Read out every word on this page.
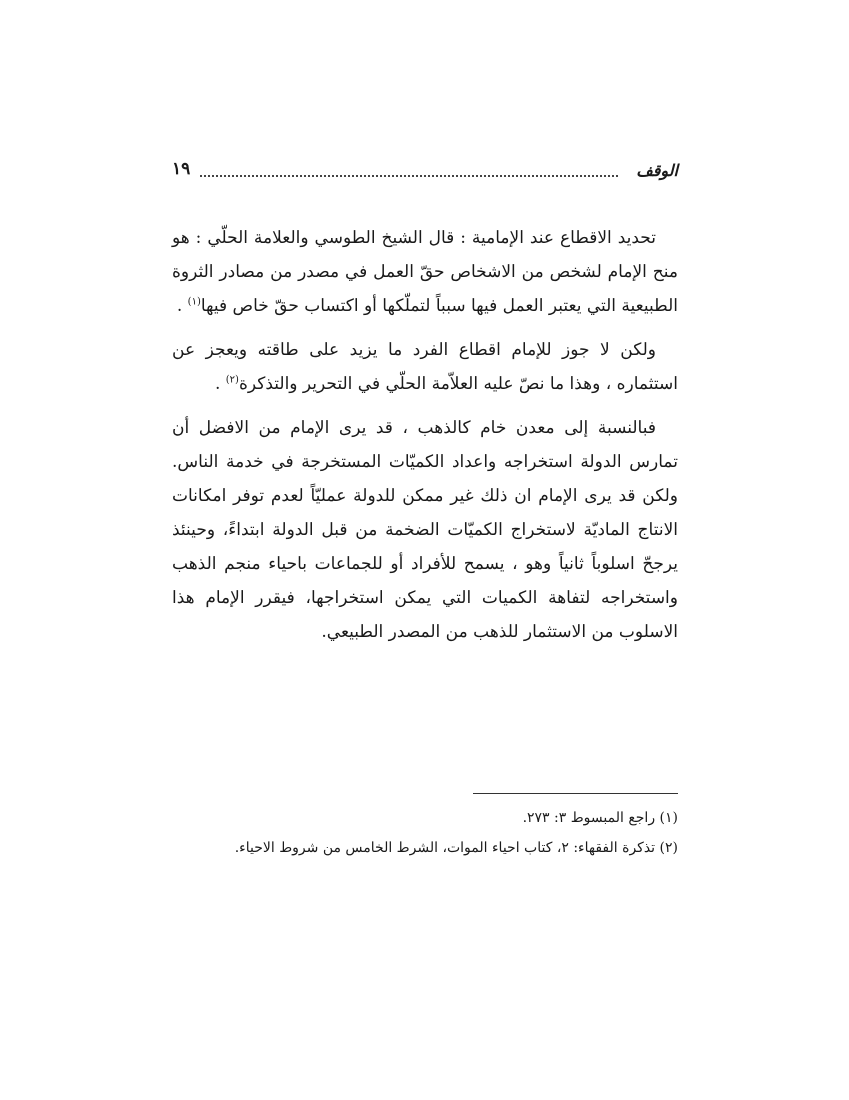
الوقف
١٩

تحديد الاقطاع عند الإمامية : قال الشيخ الطوسي والعلامة الحلّي : هو منح الإمام لشخص من الاشخاص حقّ العمل في مصدر من مصادر الثروة الطبيعية التي يعتبر العمل فيها سبباً لتملّكها أو اكتساب حقّ خاص فيها$^{(١)}$ .

ولكن لا جوز للإمام اقطاع الفرد ما يزيد على طاقته ويعجز عن استثماره ، وهذا ما نصّ عليه العلاّمة الحلّي في التحرير والتذكرة$^{(٢)}$ .

فبالنسبة إلى معدن خام كالذهب ، قد يرى الإمام من الافضل أن تمارس الدولة استخراجه واعداد الكميّات المستخرجة في خدمة الناس. ولكن قد يرى الإمام ان ذلك غير ممكن للدولة عمليّاً لعدم توفر امكانات الانتاج الماديّة لاستخراج الكميّات الضخمة من قبل الدولة ابتداءً، وحينئذ يرجحّ اسلوباً ثانياً وهو ، يسمح للأفراد أو للجماعات باحياء منجم الذهب واستخراجه لتفاهة الكميات التي يمكن استخراجها، فيقرر الإمام هذا الاسلوب من الاستثمار للذهب من المصدر الطبيعي.

(١) راجع المبسوط ٣: ٢٧٣.
(٢) تذكرة الفقهاء: ٢، كتاب احياء الموات، الشرط الخامس من شروط الاحياء.
